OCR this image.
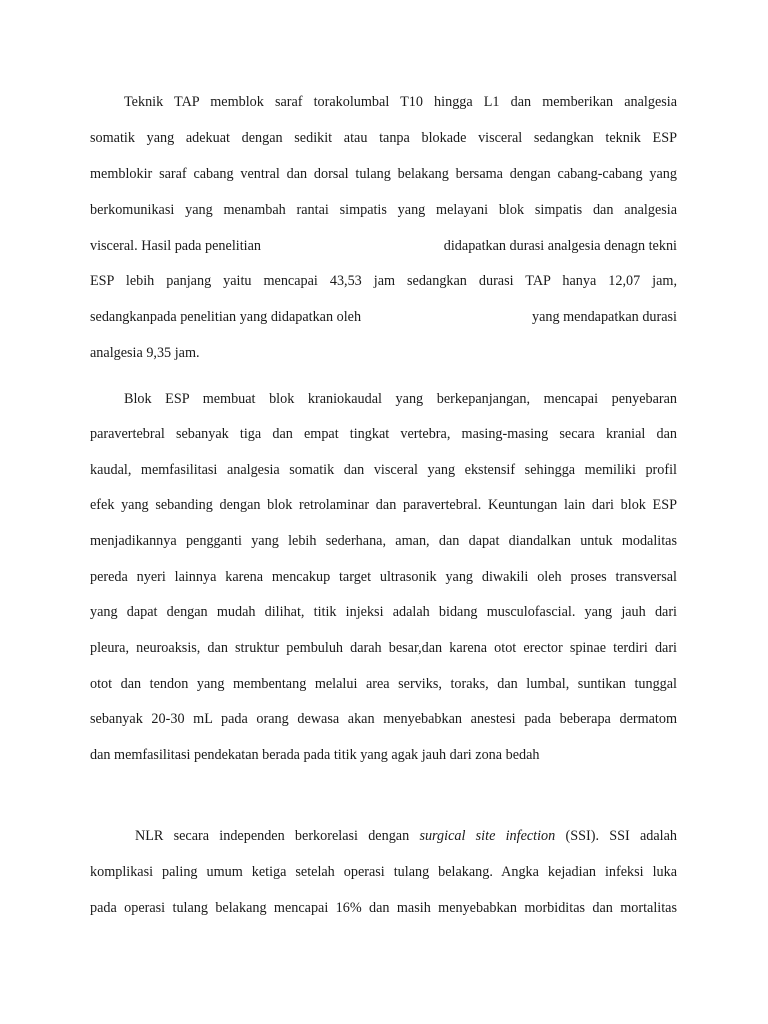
Teknik TAP memblok saraf torakolumbal T10 hingga L1 dan memberikan analgesia
somatik yang adekuat dengan sedikit atau tanpa blokade visceral sedangkan teknik ESP
memblokir saraf cabang ventral dan dorsal tulang belakang bersama dengan cabang-cabang yang
berkomunikasi yang menambah rantai simpatis yang melayani blok simpatis dan analgesia
visceral. Hasil pada penelitian	didapatkan durasi analgesia denagn tekni
ESP lebih panjang yaitu mencapai 43,53 jam sedangkan durasi TAP hanya 12,07 jam,
sedangkanpada penelitian yang didapatkan oleh	yang mendapatkan durasi
analgesia 9,35 jam.
Blok ESP membuat blok kraniokaudal yang berkepanjangan, mencapai penyebaran
paravertebral sebanyak tiga dan empat tingkat vertebra, masing-masing secara kranial dan
kaudal, memfasilitasi analgesia somatik dan visceral yang ekstensif sehingga memiliki profil
efek yang sebanding dengan blok retrolaminar dan paravertebral. Keuntungan lain dari blok ESP
menjadikannya pengganti yang lebih sederhana, aman, dan dapat diandalkan untuk modalitas
pereda nyeri lainnya karena mencakup target ultrasonik yang diwakili oleh proses transversal
yang dapat dengan mudah dilihat, titik injeksi adalah bidang musculofascial. yang jauh dari
pleura, neuroaksis, dan struktur pembuluh darah besar,dan karena otot erector spinae terdiri dari
otot dan tendon yang membentang melalui area serviks, toraks, dan lumbal, suntikan tunggal
sebanyak 20-30 mL pada orang dewasa akan menyebabkan anestesi pada beberapa dermatom
dan memfasilitasi pendekatan berada pada titik yang agak jauh dari zona bedah
NLR secara independen berkorelasi dengan surgical site infection (SSI). SSI adalah
komplikasi paling umum ketiga setelah operasi tulang belakang. Angka kejadian infeksi luka
pada operasi tulang belakang mencapai 16% dan masih menyebabkan morbiditas dan mortalitas
